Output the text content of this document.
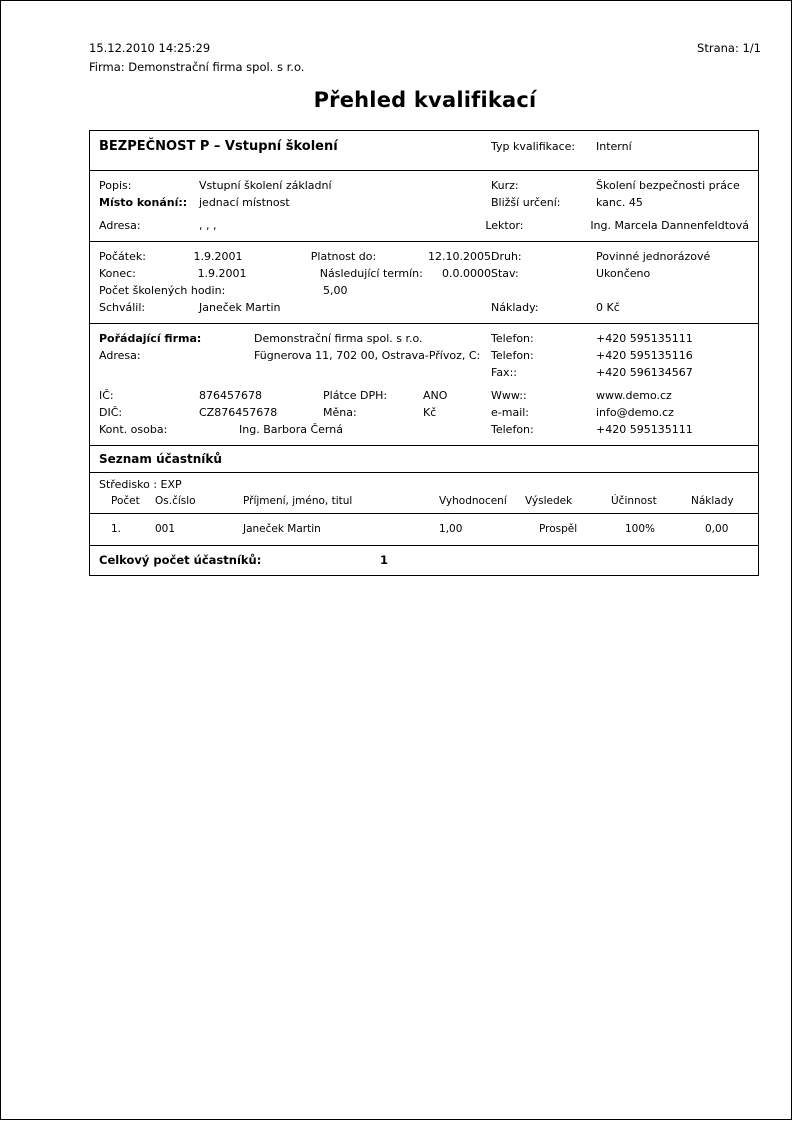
15.12.2010 14:25:29	Strana: 1/1
Firma: Demonstrační firma spol. s r.o.
Přehled kvalifikací
BEZPEČNOST P – Vstupní školení	Typ kvalifikace:	Interní
Popis:	Vstupní školení základní	Kurz:	Školení bezpečnosti práce
Místo konání::	jednací místnost	Bližší určení:	kanc. 45
Adresa:	, , ,	Lektor:	Ing. Marcela Dannenfeldtová
Počátek:	1.9.2001	Platnost do:	12.10.2005 Druh:	Povinné jednorázové
Konec:	1.9.2001	Následující termín:	0.0.0000 Stav:	Ukončeno
Počet školených hodin:	5,00
Schválil:	Janeček Martin	Náklady:	0 Kč
Pořádající firma:	Demonstrační firma spol. s r.o.	Telefon:	+420 595135111
Adresa:	Fügnerova 11, 702 00, Ostrava-Přívoz, C: Telefon:	+420 595135116
Fax::	+420 596134567
IČ:	876457678	Plátce DPH:	ANO	Www::	www.demo.cz
DIČ:	CZ876457678	Měna:	Kč	e-mail:	info@demo.cz
Kont. osoba:	Ing. Barbora Černá	Telefon:	+420 595135111
Seznam účastníků
Středisko : EXP
Počet	Os.číslo	Příjmení, jméno, titul	Vyhodnocení	Výsledek	Účinnost	Náklady
1.	001	Janeček Martin	1,00	Prospěl	100%	0,00
Celkový počet účastníků:	1
